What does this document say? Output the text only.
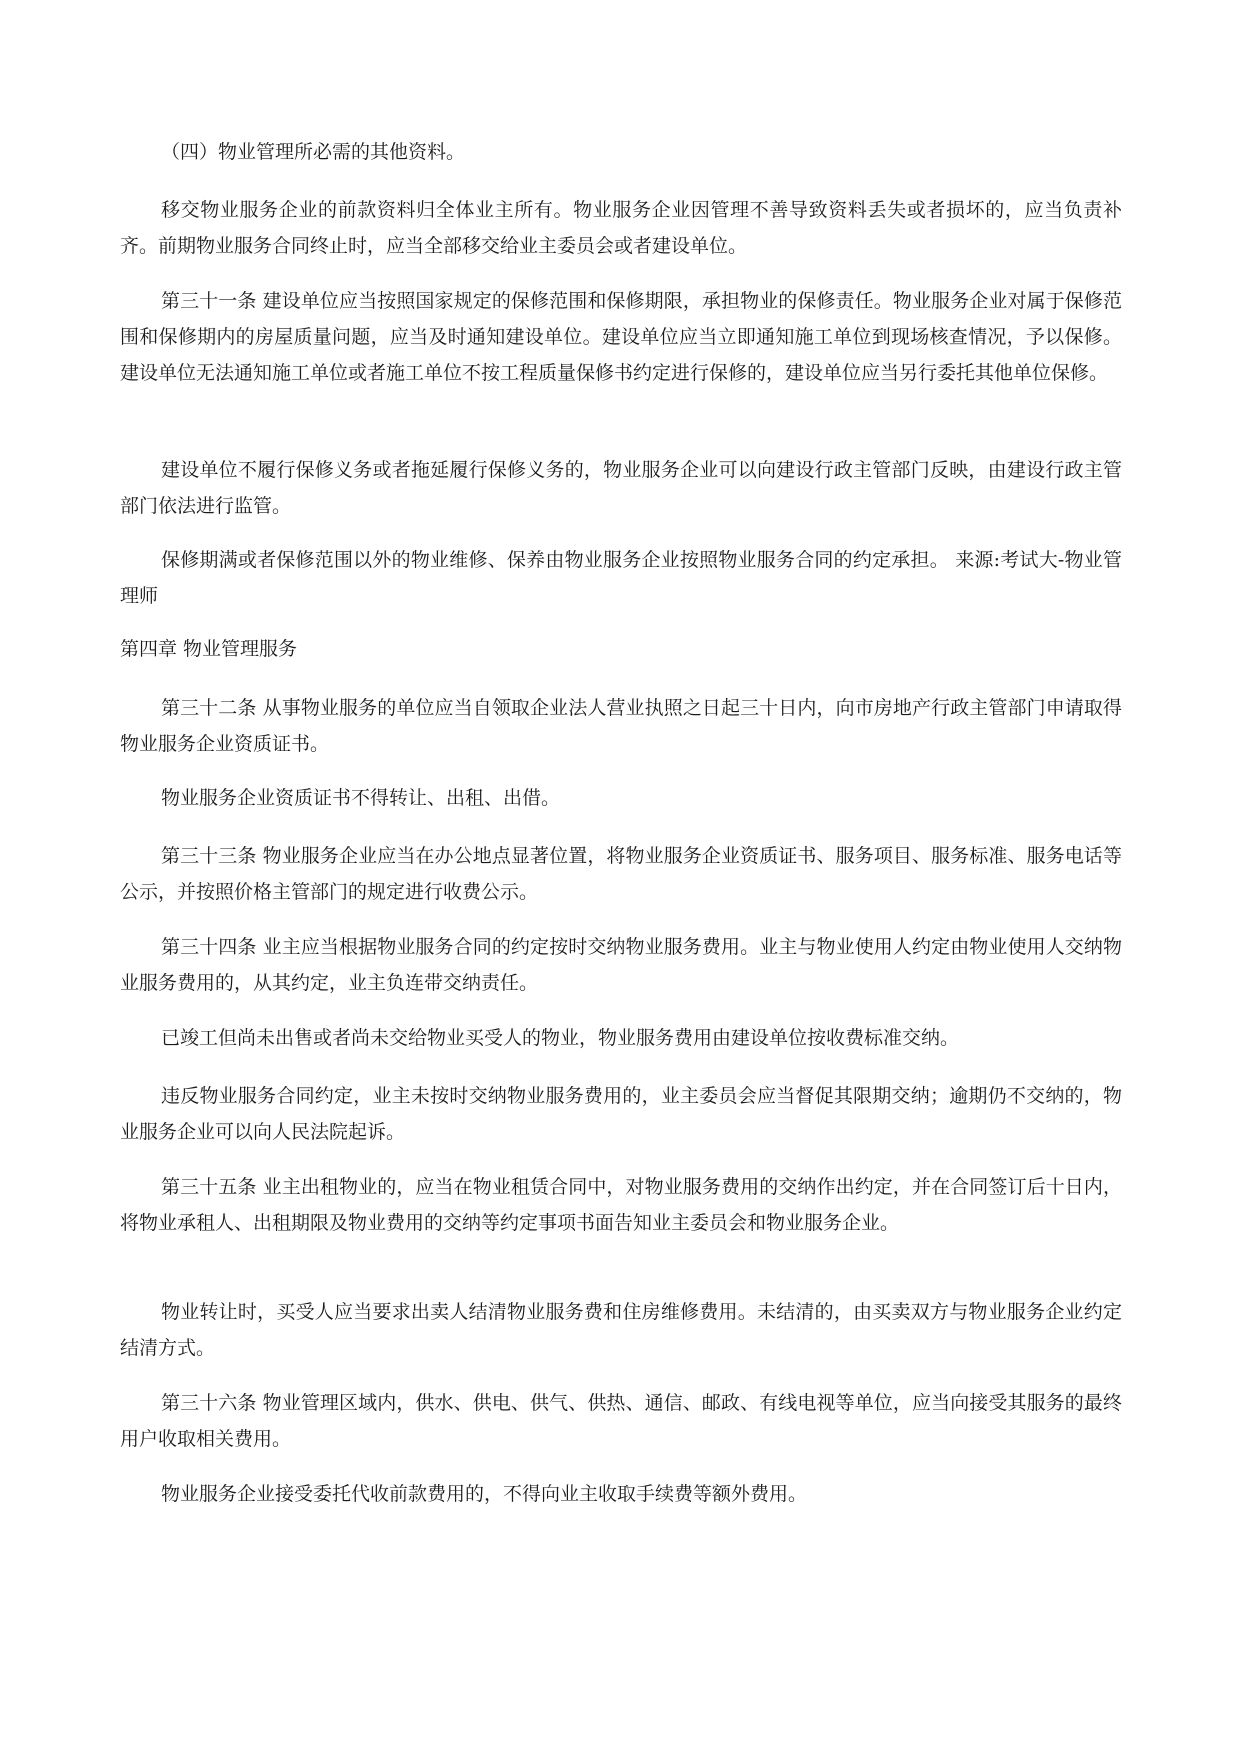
（四）物业管理所必需的其他资料。

移交物业服务企业的前款资料归全体业主所有。物业服务企业因管理不善导致资料丢失或者损坏的，应当负责补齐。前期物业服务合同终止时，应当全部移交给业主委员会或者建设单位。

第三十一条 建设单位应当按照国家规定的保修范围和保修期限，承担物业的保修责任。物业服务企业对属于保修范围和保修期内的房屋质量问题，应当及时通知建设单位。建设单位应当立即通知施工单位到现场核查情况，予以保修。建设单位无法通知施工单位或者施工单位不按工程质量保修书约定进行保修的，建设单位应当另行委托其他单位保修。

建设单位不履行保修义务或者拖延履行保修义务的，物业服务企业可以向建设行政主管部门反映，由建设行政主管部门依法进行监管。

保修期满或者保修范围以外的物业维修、保养由物业服务企业按照物业服务合同的约定承担。 来源:考试大-物业管理师

第四章 物业管理服务

第三十二条 从事物业服务的单位应当自领取企业法人营业执照之日起三十日内，向市房地产行政主管部门申请取得物业服务企业资质证书。

物业服务企业资质证书不得转让、出租、出借。

第三十三条 物业服务企业应当在办公地点显著位置，将物业服务企业资质证书、服务项目、服务标准、服务电话等公示，并按照价格主管部门的规定进行收费公示。

第三十四条 业主应当根据物业服务合同的约定按时交纳物业服务费用。业主与物业使用人约定由物业使用人交纳物业服务费用的，从其约定，业主负连带交纳责任。

已竣工但尚未出售或者尚未交给物业买受人的物业，物业服务费用由建设单位按收费标准交纳。

违反物业服务合同约定，业主未按时交纳物业服务费用的，业主委员会应当督促其限期交纳；逾期仍不交纳的，物业服务企业可以向人民法院起诉。

第三十五条 业主出租物业的，应当在物业租赁合同中，对物业服务费用的交纳作出约定，并在合同签订后十日内，将物业承租人、出租期限及物业费用的交纳等约定事项书面告知业主委员会和物业服务企业。

物业转让时，买受人应当要求出卖人结清物业服务费和住房维修费用。未结清的，由买卖双方与物业服务企业约定结清方式。

第三十六条 物业管理区域内，供水、供电、供气、供热、通信、邮政、有线电视等单位，应当向接受其服务的最终用户收取相关费用。

物业服务企业接受委托代收前款费用的，不得向业主收取手续费等额外费用。
